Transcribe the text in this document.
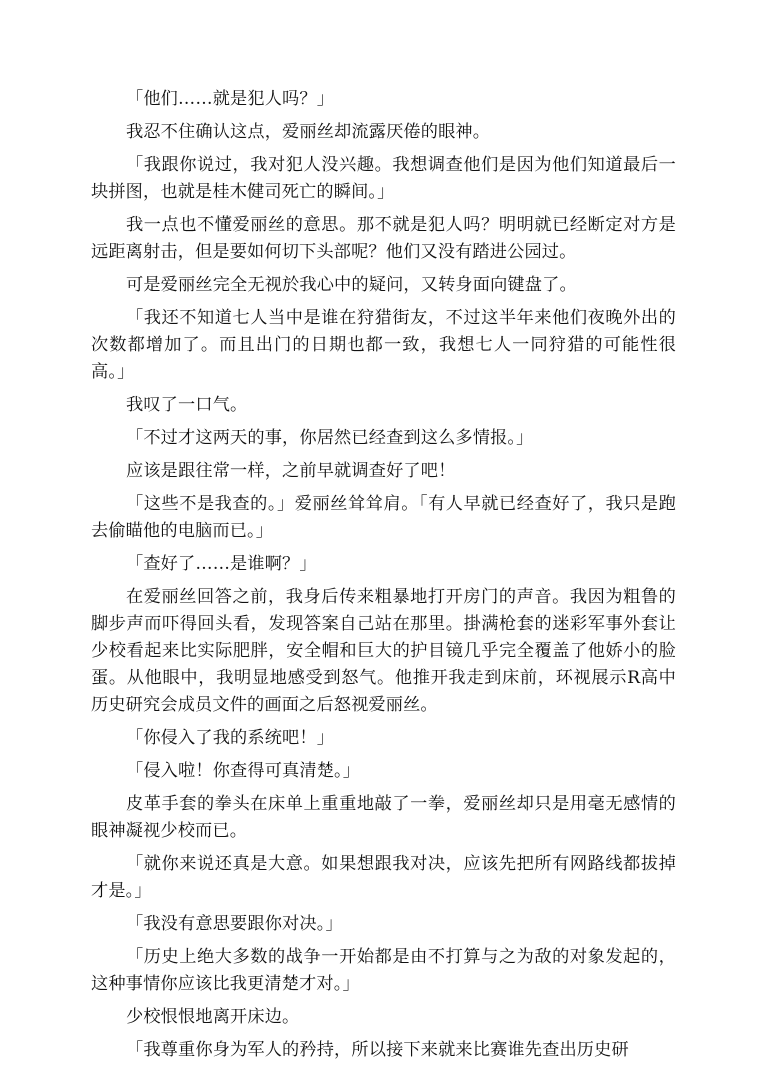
「他们……就是犯人吗？」

我忍不住确认这点，爱丽丝却流露厌倦的眼神。

「我跟你说过，我对犯人没兴趣。我想调查他们是因为他们知道最后一块拼图，也就是桂木健司死亡的瞬间。」

我一点也不懂爱丽丝的意思。那不就是犯人吗？明明就已经断定对方是远距离射击，但是要如何切下头部呢？他们又没有踏进公园过。

可是爱丽丝完全无视於我心中的疑问，又转身面向键盘了。

「我还不知道七人当中是谁在狩猎街友，不过这半年来他们夜晚外出的次数都增加了。而且出门的日期也都一致，我想七人一同狩猎的可能性很高。」

我叹了一口气。

「不过才这两天的事，你居然已经查到这么多情报。」

应该是跟往常一样，之前早就调查好了吧！

「这些不是我查的。」爱丽丝耸耸肩。「有人早就已经查好了，我只是跑去偷瞄他的电脑而已。」

「查好了……是谁啊？」

在爱丽丝回答之前，我身后传来粗暴地打开房门的声音。我因为粗鲁的脚步声而吓得回头看，发现答案自己站在那里。掛满枪套的迷彩军事外套让少校看起来比实际肥胖，安全帽和巨大的护目镜几乎完全覆盖了他娇小的脸蛋。从他眼中，我明显地感受到怒气。他推开我走到床前，环视展示R高中历史研究会成员文件的画面之后怒视爱丽丝。

「你侵入了我的系统吧！」

「侵入啦！你查得可真清楚。」

皮革手套的拳头在床单上重重地敲了一拳，爱丽丝却只是用毫无感情的眼神凝视少校而已。

「就你来说还真是大意。如果想跟我对决，应该先把所有网路线都拔掉才是。」

「我没有意思要跟你对决。」

「历史上绝大多数的战争一开始都是由不打算与之为敌的对象发起的，这种事情你应该比我更清楚才对。」

少校恨恨地离开床边。

「我尊重你身为军人的矜持，所以接下来就来比赛谁先查出历史研
